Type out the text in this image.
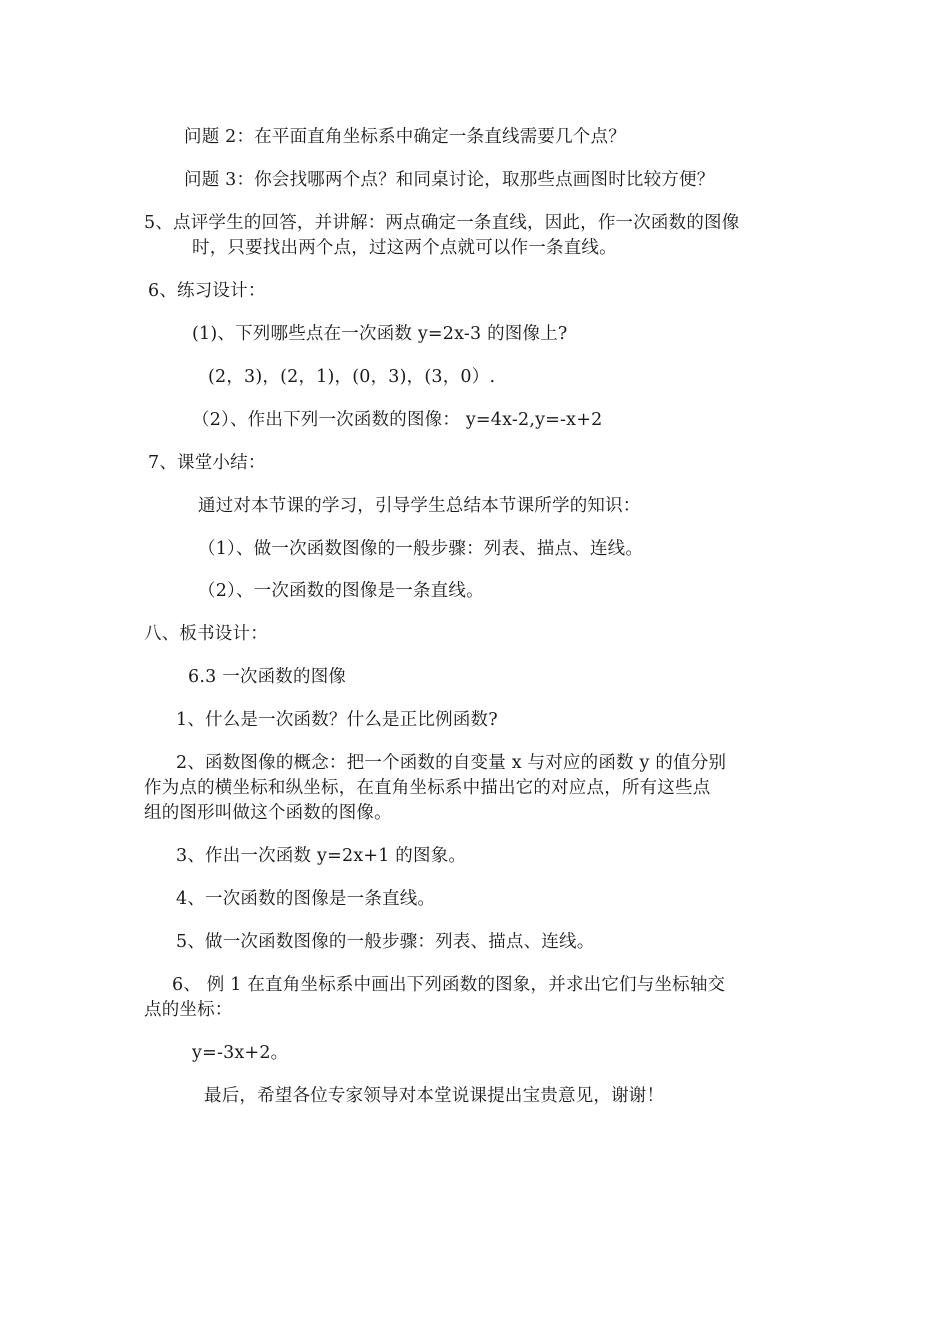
问题 2：在平面直角坐标系中确定一条直线需要几个点？
问题 3：你会找哪两个点？和同桌讨论，取那些点画图时比较方便？
5、点评学生的回答，并讲解：两点确定一条直线，因此，作一次函数的图像
时，只要找出两个点，过这两个点就可以作一条直线。
6、练习设计：
(1)、下列哪些点在一次函数 y=2x-3 的图像上?
(2，3)，(2，1)，(0，3)，(3，0）.
（2）、作出下列一次函数的图像： y=4x-2,y=-x+2
7、课堂小结：
通过对本节课的学习，引导学生总结本节课所学的知识：
（1）、做一次函数图像的一般步骤：列表、描点、连线。
（2）、一次函数的图像是一条直线。
八、板书设计：
6.3 一次函数的图像
1、什么是一次函数？什么是正比例函数?
2、函数图像的概念：把一个函数的自变量 x 与对应的函数 y 的值分别
作为点的横坐标和纵坐标，在直角坐标系中描出它的对应点，所有这些点
组的图形叫做这个函数的图像。
3、作出一次函数 y=2x+1 的图象。
4、一次函数的图像是一条直线。
5、做一次函数图像的一般步骤：列表、描点、连线。
6、 例 1 在直角坐标系中画出下列函数的图象，并求出它们与坐标轴交
点的坐标：
y=-3x+2。
最后，希望各位专家领导对本堂说课提出宝贵意见，谢谢！
